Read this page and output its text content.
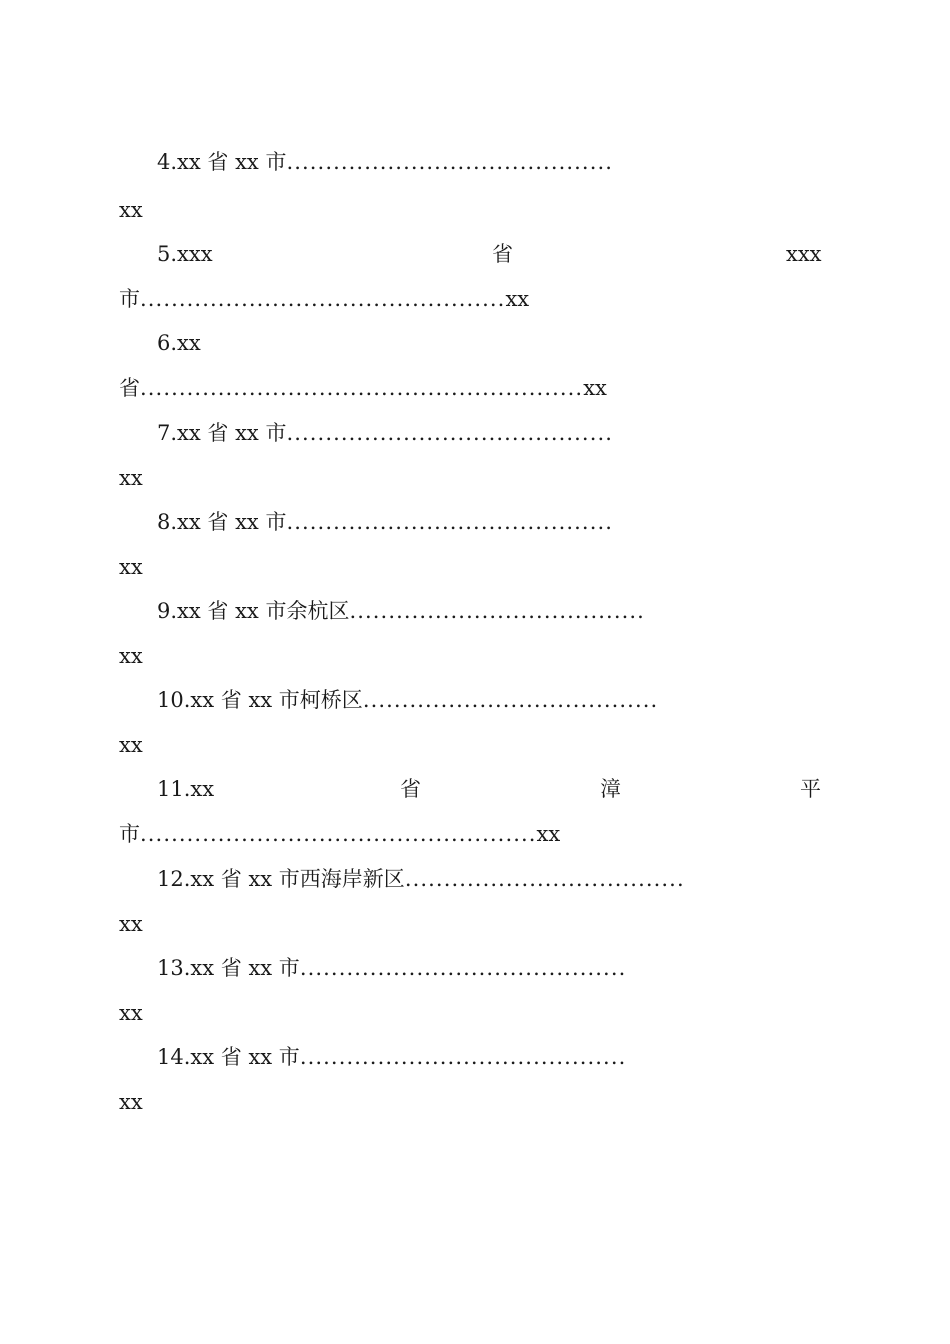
4.xx 省 xx 市..........................................
xx
5.xxx	省	xxx
市...............................................xx
6.xx
省.........................................................xx
7.xx 省 xx 市..........................................
xx
8.xx 省 xx 市..........................................
xx
9.xx 省 xx 市余杭区......................................
xx
10.xx 省 xx 市柯桥区......................................
xx
11.xx	省	漳	平
市...................................................xx
12.xx 省 xx 市西海岸新区....................................
xx
13.xx 省 xx 市..........................................
xx
14.xx 省 xx 市..........................................
xx
